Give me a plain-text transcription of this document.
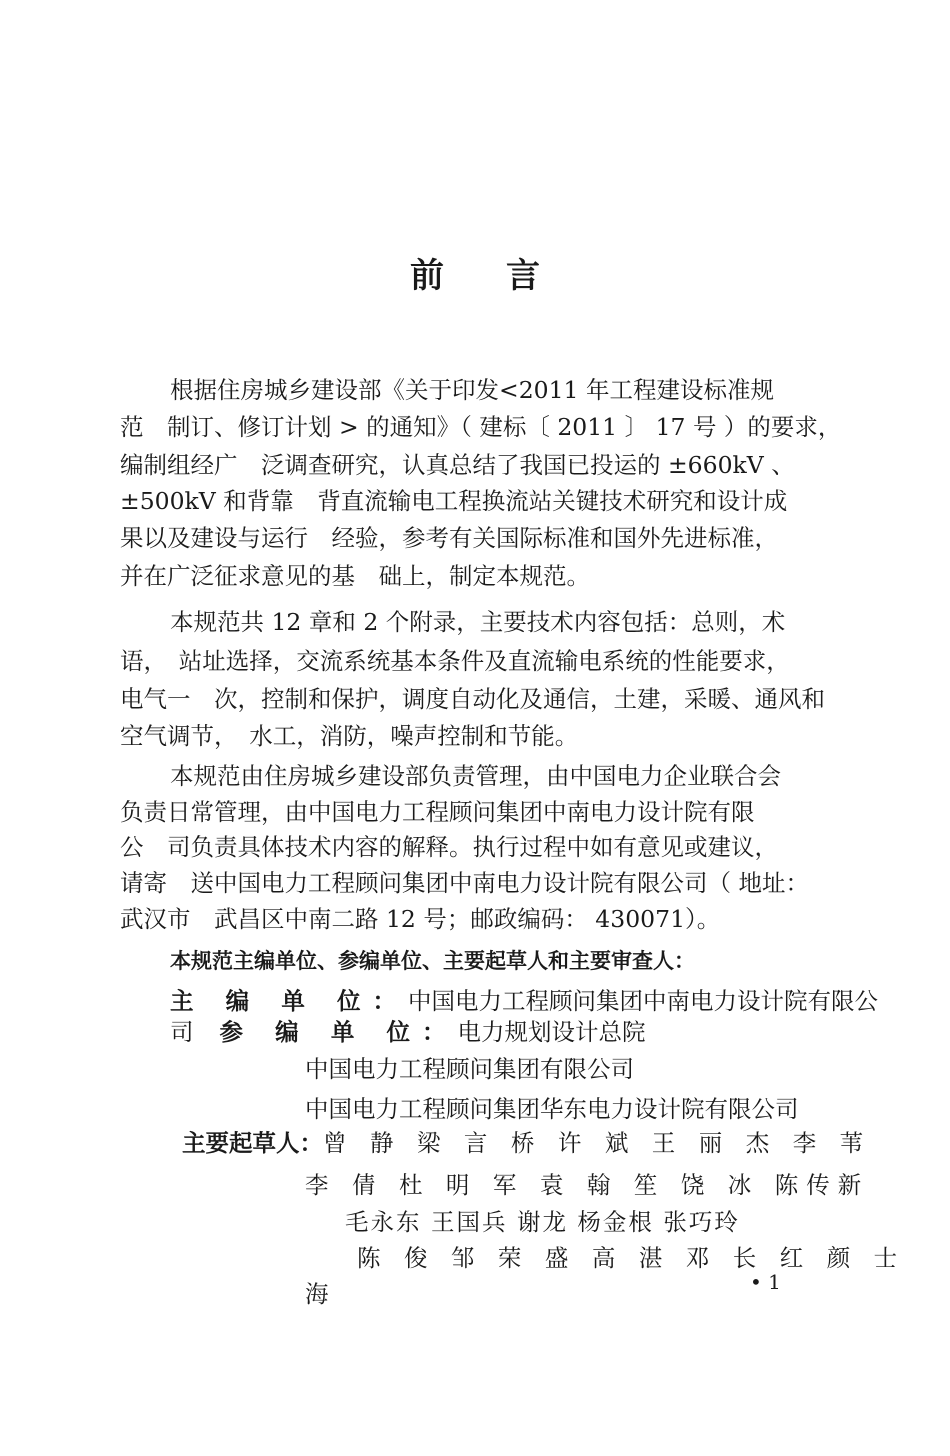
前言
根据住房城乡建设部《关于印发<2011 年工程建设标准规
范　制订、修订计划 > 的通知》（ 建标〔 2011 〕 17 号 ）的要求，
编制组经广　泛调查研究，认真总结了我国已投运的 ±660kV 、
±500kV 和背靠　背直流输电工程换流站关键技术研究和设计成
果以及建设与运行　经验，参考有关国际标准和国外先进标准，
并在广泛征求意见的基　础上，制定本规范。
本规范共 12 章和 2 个附录，主要技术内容包括：总则，术
语，　站址选择，交流系统基本条件及直流输电系统的性能要求，
电气一　次，控制和保护，调度自动化及通信，土建，采暖、通风和
空气调节，　水工，消防，噪声控制和节能。
本规范由住房城乡建设部负责管理，由中国电力企业联合会
负责日常管理，由中国电力工程顾问集团中南电力设计院有限
公　司负责具体技术内容的解释。执行过程中如有意见或建议，
请寄　送中国电力工程顾问集团中南电力设计院有限公司（ 地址：
武汉市　武昌区中南二路 12 号；邮政编码： 430071）。
本规范主编单位、参编单位、主要起草人和主要审查人：
主 编 单 位：中国电力工程顾问集团中南电力设计院有限公
司 参 编 单 位：电力规划设计总院
中国电力工程顾问集团有限公司
中国电力工程顾问集团华东电力设计院有限公司
主要起草人：曾 静 梁 言 桥 许 斌 王 丽 杰 李 苇
李 倩 杜 明 军 袁 翰 笙 饶 冰 陈传新
毛永东 王国兵 谢龙 杨金根 张巧玲
陈 俊 邹 荣 盛 高 湛 邓 长 红 颜 士
海	• 1
